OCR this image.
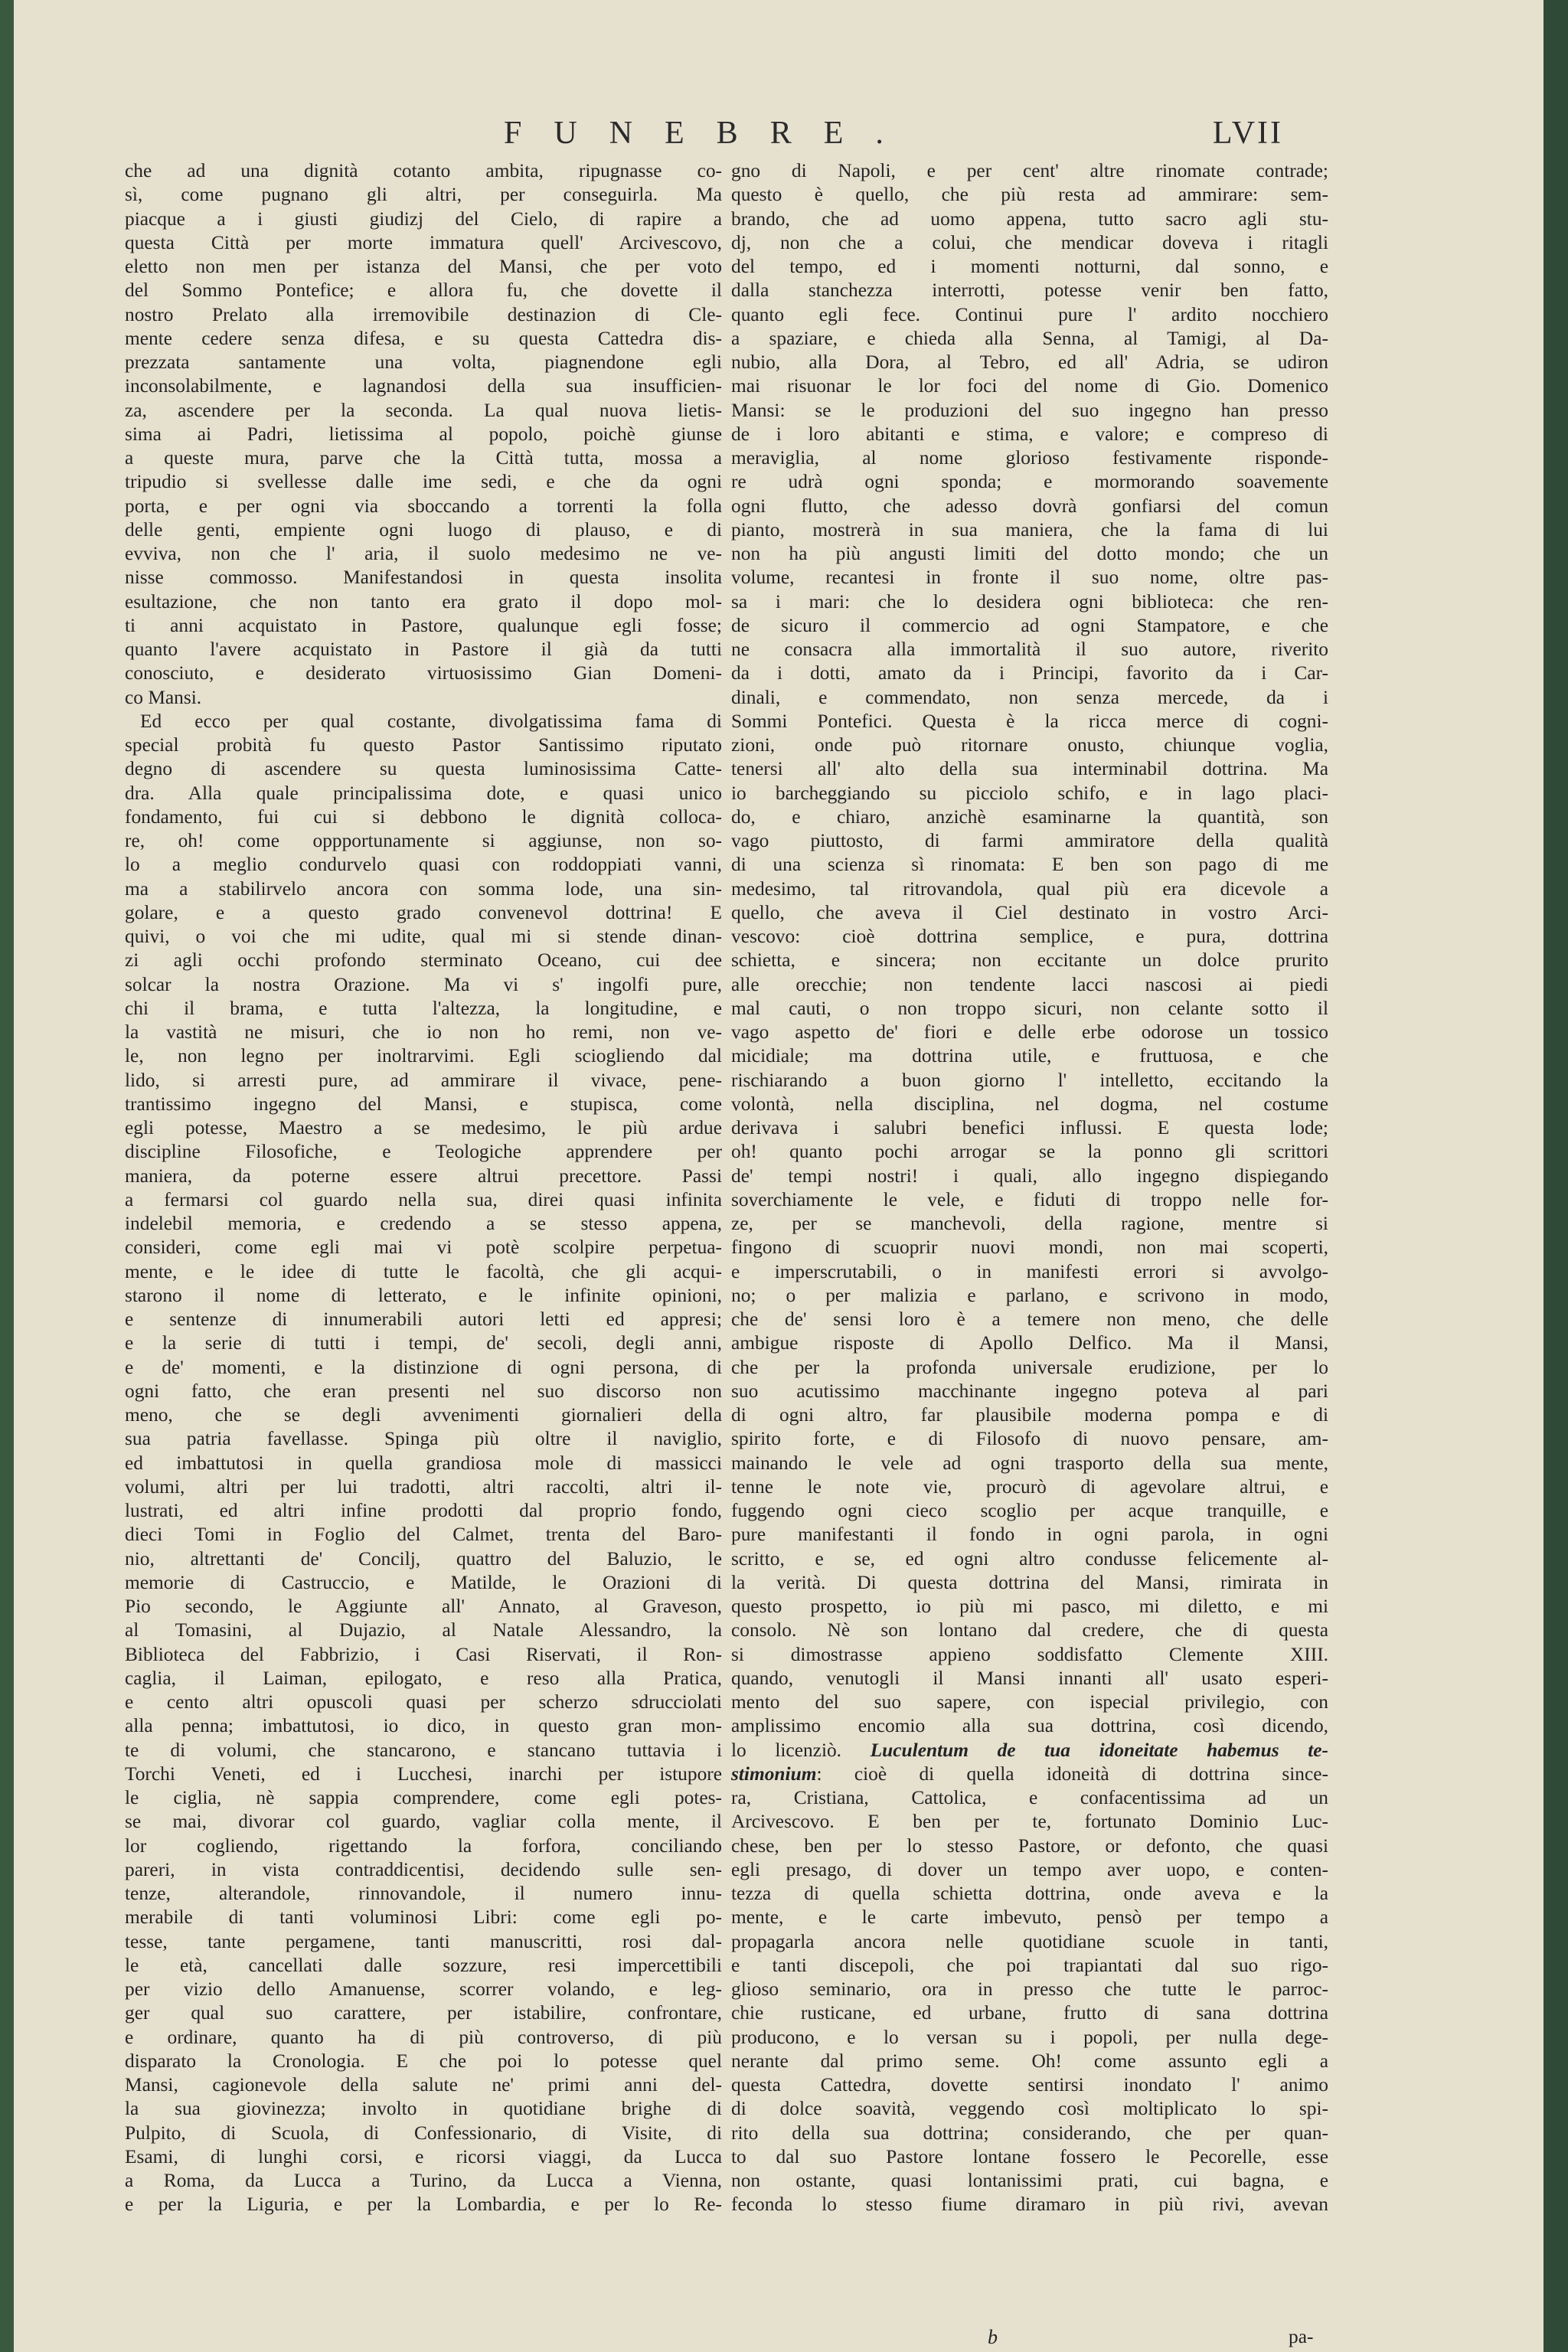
FUNEBRE.	LVII
che ad una dignità cotanto ambita, ripugnasse co-
sì, come pugnano gli altri, per conseguirla. Ma
piacque a i giusti giudizj del Cielo, di rapire a
questa Città per morte immatura quell' Arcivescovo,
eletto non men per istanza del Mansi, che per voto
del Sommo Pontefice; e allora fu, che dovette il
nostro Prelato alla irremovibile destinazion di Cle-
mente cedere senza difesa, e su questa Cattedra dis-
prezzata santamente una volta, piagnendone egli
inconsolabilmente, e lagnandosi della sua insufficien-
za, ascendere per la seconda. La qual nuova lietis-
sima ai Padri, lietissima al popolo, poichè giunse
a queste mura, parve che la Città tutta, mossa a
tripudio si svellesse dalle ime sedi, e che da ogni
porta, e per ogni via sboccando a torrenti la folla
delle genti, empiente ogni luogo di plauso, e di
evviva, non che l' aria, il suolo medesimo ne ve-
nisse commosso. Manifestandosi in questa insolita
esultazione, che non tanto era grato il dopo mol-
ti anni acquistato in Pastore, qualunque egli fosse;
quanto l'avere acquistato in Pastore il già da tutti
conosciuto, e desiderato virtuosissimo Gian Domeni-
co Mansi.
Ed ecco per qual costante, divolgatissima fama di
special probità fu questo Pastor Santissimo riputato
degno di ascendere su questa luminosissima Catte-
dra. Alla quale principalissima dote, e quasi unico
fondamento, fui cui si debbono le dignità colloca-
re, oh! come oppportunamente si aggiunse, non so-
lo a meglio condurvelo quasi con roddoppiati vanni,
ma a stabilirvelo ancora con somma lode, una sin-
golare, e a questo grado convenevol dottrina! E
quivi, o voi che mi udite, qual mi si stende dinan-
zi agli occhi profondo sterminato Oceano, cui dee
solcar la nostra Orazione. Ma vi s' ingolfi pure,
chi il brama, e tutta l'altezza, la longitudine, e
la vastità ne misuri, che io non ho remi, non ve-
le, non legno per inoltrarvimi. Egli sciogliendo dal
lido, si arresti pure, ad ammirare il vivace, pene-
trantissimo ingegno del Mansi, e stupisca, come
egli potesse, Maestro a se medesimo, le più ardue
discipline Filosofiche, e Teologiche apprendere per
maniera, da poterne essere altrui precettore. Passi
a fermarsi col guardo nella sua, direi quasi infinita
indelebil memoria, e credendo a se stesso appena,
consideri, come egli mai vi potè scolpire perpetua-
mente, e le idee di tutte le facoltà, che gli acqui-
starono il nome di letterato, e le infinite opinioni,
e sentenze di innumerabili autori letti ed appresi;
e la serie di tutti i tempi, de' secoli, degli anni,
e de' momenti, e la distinzione di ogni persona, di
ogni fatto, che eran presenti nel suo discorso non
meno, che se degli avvenimenti giornalieri della
sua patria favellasse. Spinga più oltre il naviglio,
ed imbattutosi in quella grandiosa mole di massicci
volumi, altri per lui tradotti, altri raccolti, altri il-
lustrati, ed altri infine prodotti dal proprio fondo,
dieci Tomi in Foglio del Calmet, trenta del Baro-
nio, altrettanti de' Concilj, quattro del Baluzio, le
memorie di Castruccio, e Matilde, le Orazioni di
Pio secondo, le Aggiunte all' Annato, al Graveson,
al Tomasini, al Dujazio, al Natale Alessandro, la
Biblioteca del Fabbrizio, i Casi Riservati, il Ron-
caglia, il Laiman, epilogato, e reso alla Pratica,
e cento altri opuscoli quasi per scherzo sdrucciolati
alla penna; imbattutosi, io dico, in questo gran mon-
te di volumi, che stancarono, e stancano tuttavia i
Torchi Veneti, ed i Lucchesi, inarchi per istupore
le ciglia, nè sappia comprendere, come egli potes-
se mai, divorar col guardo, vagliar colla mente, il
lor cogliendo, rigettando la forfora, conciliando
pareri, in vista contraddicentisi, decidendo sulle sen-
tenze, alterandole, rinnovandole, il numero innu-
merabile di tanti voluminosi Libri: come egli po-
tesse, tante pergamene, tanti manuscritti, rosi dal-
le età, cancellati dalle sozzure, resi impercettibili
per vizio dello Amanuense, scorrer volando, e leg-
ger qual suo carattere, per istabilire, confrontare,
e ordinare, quanto ha di più controverso, di più
disparato la Cronologia. E che poi lo potesse quel
Mansi, cagionevole della salute ne' primi anni del-
la sua giovinezza; involto in quotidiane brighe di
Pulpito, di Scuola, di Confessionario, di Visite, di
Esami, di lunghi corsi, e ricorsi viaggi, da Lucca
a Roma, da Lucca a Turino, da Lucca a Vienna,
e per la Liguria, e per la Lombardia, e per lo Re-
gno di Napoli, e per cent' altre rinomate contrade;
questo è quello, che più resta ad ammirare: sem-
brando, che ad uomo appena, tutto sacro agli stu-
dj, non che a colui, che mendicar doveva i ritagli
del tempo, ed i momenti notturni, dal sonno, e
dalla stanchezza interrotti, potesse venir ben fatto,
quanto egli fece. Continui pure l' ardito nocchiero
a spaziare, e chieda alla Senna, al Tamigi, al Da-
nubio, alla Dora, al Tebro, ed all' Adria, se udiron
mai risuonar le lor foci del nome di Gio. Domenico
Mansi: se le produzioni del suo ingegno han presso
de i loro abitanti e stima, e valore; e compreso di
meraviglia, al nome glorioso festivamente risponde-
re udrà ogni sponda; e mormorando soavemente
ogni flutto, che adesso dovrà gonfiarsi del comun
pianto, mostrerà in sua maniera, che la fama di lui
non ha più angusti limiti del dotto mondo; che un
volume, recantesi in fronte il suo nome, oltre pas-
sa i mari: che lo desidera ogni biblioteca: che ren-
de sicuro il commercio ad ogni Stampatore, e che
ne consacra alla immortalità il suo autore, riverito
da i dotti, amato da i Principi, favorito da i Car-
dinali, e commendato, non senza mercede, da i
Sommi Pontefici. Questa è la ricca merce di cogni-
zioni, onde può ritornare onusto, chiunque voglia,
tenersi all' alto della sua interminabil dottrina. Ma
io barcheggiando su picciolo schifo, e in lago placi-
do, e chiaro, anzichè esaminarne la quantità, son
vago piuttosto, di farmi ammiratore della qualità
di una scienza sì rinomata: E ben son pago di me
medesimo, tal ritrovandola, qual più era dicevole a
quello, che aveva il Ciel destinato in vostro Arci-
vescovo: cioè dottrina semplice, e pura, dottrina
schietta, e sincera; non eccitante un dolce prurito
alle orecchie; non tendente lacci nascosi ai piedi
mal cauti, o non troppo sicuri, non celante sotto il
vago aspetto de' fiori e delle erbe odorose un tossico
micidiale; ma dottrina utile, e fruttuosa, e che
rischiarando a buon giorno l' intelletto, eccitando la
volontà, nella disciplina, nel dogma, nel costume
derivava i salubri benefici influssi. E questa lode;
oh! quanto pochi arrogar se la ponno gli scrittori
de' tempi nostri! i quali, allo ingegno dispiegando
soverchiamente le vele, e fiduti di troppo nelle for-
ze, per se manchevoli, della ragione, mentre si
fingono di scuoprir nuovi mondi, non mai scoperti,
e imperscrutabili, o in manifesti errori si avvolgo-
no; o per malizia e parlano, e scrivono in modo,
che de' sensi loro è a temere non meno, che delle
ambigue risposte di Apollo Delfico. Ma il Mansi,
che per la profonda universale erudizione, per lo
suo acutissimo macchinante ingegno poteva al pari
di ogni altro, far plausibile moderna pompa e di
spirito forte, e di Filosofo di nuovo pensare, am-
mainando le vele ad ogni trasporto della sua mente,
tenne le note vie, procurò di agevolare altrui, e
fuggendo ogni cieco scoglio per acque tranquille, e
pure manifestanti il fondo in ogni parola, in ogni
scritto, e se, ed ogni altro condusse felicemente al-
la verità. Di questa dottrina del Mansi, rimirata in
questo prospetto, io più mi pasco, mi diletto, e mi
consolo. Nè son lontano dal credere, che di questa
si dimostrasse appieno soddisfatto Clemente XIII.
quando, venutogli il Mansi innanti all' usato esperi-
mento del suo sapere, con ispecial privilegio, con
amplissimo encomio alla sua dottrina, così dicendo,
lo licenziò. Luculentum de tua idoneitate habemus te-
stimonium: cioè di quella idoneità di dottrina since-
ra, Cristiana, Cattolica, e confacentissima ad un
Arcivescovo. E ben per te, fortunato Dominio Luc-
chese, ben per lo stesso Pastore, or defonto, che quasi
egli presago, di dover un tempo aver uopo, e conten-
tezza di quella schietta dottrina, onde aveva e la
mente, e le carte imbevuto, pensò per tempo a
propagarla ancora nelle quotidiane scuole in tanti,
e tanti discepoli, che poi trapiantati dal suo rigo-
glioso seminario, ora in presso che tutte le parroc-
chie rusticane, ed urbane, frutto di sana dottrina
producono, e lo versan su i popoli, per nulla dege-
nerante dal primo seme. Oh! come assunto egli a
questa Cattedra, dovette sentirsi inondato l' animo
di dolce soavità, veggendo così moltiplicato lo spi-
rito della sua dottrina; considerando, che per quan-
to dal suo Pastore lontane fossero le Pecorelle, esse
non ostante, quasi lontanissimi prati, cui bagna, e
feconda lo stesso fiume diramaro in più rivi, avevan
b	pa-
